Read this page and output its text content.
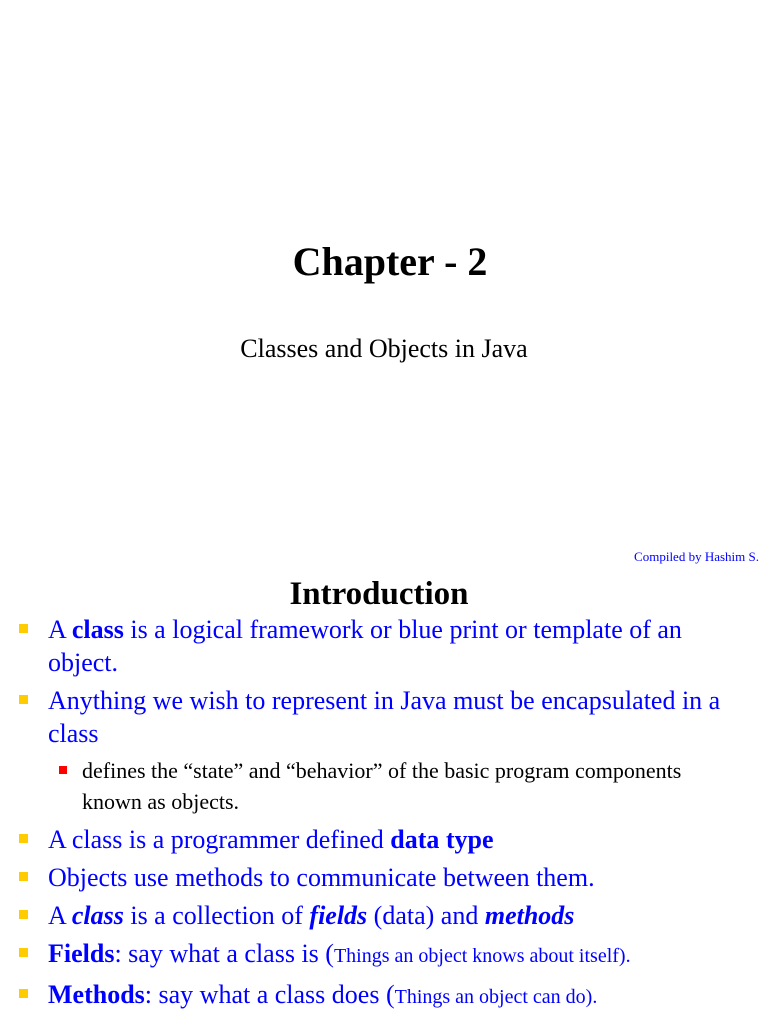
Chapter - 2
Classes and Objects in Java
Compiled by Hashim S.
Introduction
A class is a logical framework or blue print or template of an object.
Anything we wish to represent in Java must be encapsulated in a class
defines the “state” and “behavior” of the basic program components known as objects.
A class is a programmer defined data type
Objects use methods to communicate between them.
A class is a collection of fields (data) and methods
Fields: say what a class is (Things an object knows about itself).
Methods: say what a class does (Things an object can do).
